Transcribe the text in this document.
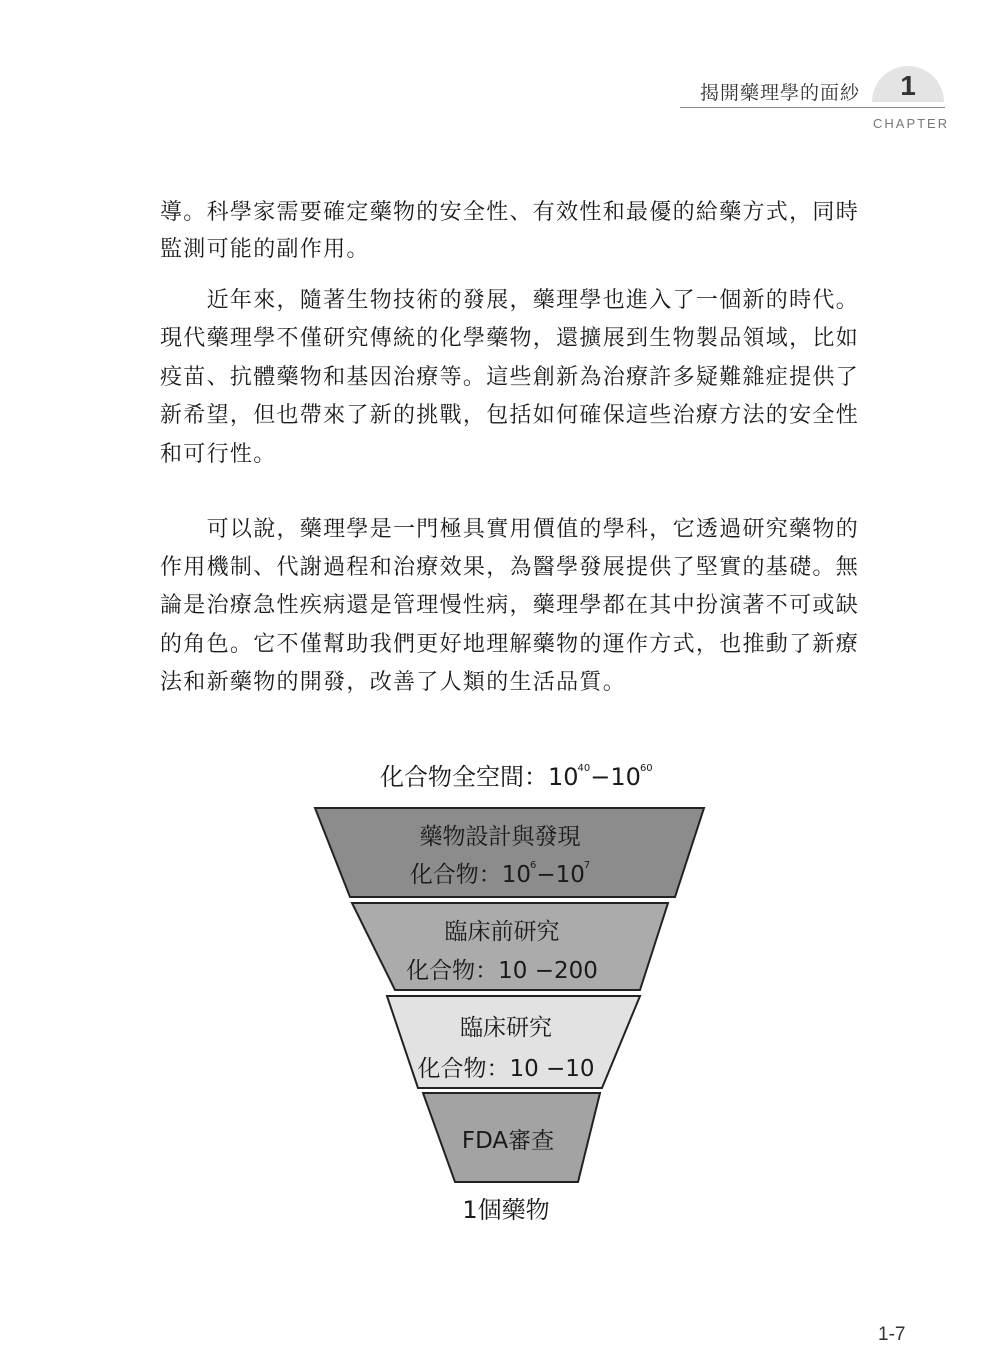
揭開藥理學的面紗 1
CHAPTER
導。科學家需要確定藥物的安全性、有效性和最優的給藥方式，同時
監測可能的副作用。
　　近年來，隨著生物技術的發展，藥理學也進入了一個新的時代。
現代藥理學不僅研究傳統的化學藥物，還擴展到生物製品領域，比如
疫苗、抗體藥物和基因治療等。這些創新為治療許多疑難雜症提供了
新希望，但也帶來了新的挑戰，包括如何確保這些治療方法的安全性
和可行性。
　　可以說，藥理學是一門極具實用價值的學科，它透過研究藥物的
作用機制、代謝過程和治療效果，為醫學發展提供了堅實的基礎。無
論是治療急性疾病還是管理慢性病，藥理學都在其中扮演著不可或缺
的角色。它不僅幫助我們更好地理解藥物的運作方式，也推動了新療
法和新藥物的開發，改善了人類的生活品質。
化合物全空間：$10^{40}-10^{60}$
藥物設計與發現
化合物：$10^6-10^7$
臨床前研究
化合物：10 −200
臨床研究
化合物：10 −10
FDA審查
1個藥物
1-7
